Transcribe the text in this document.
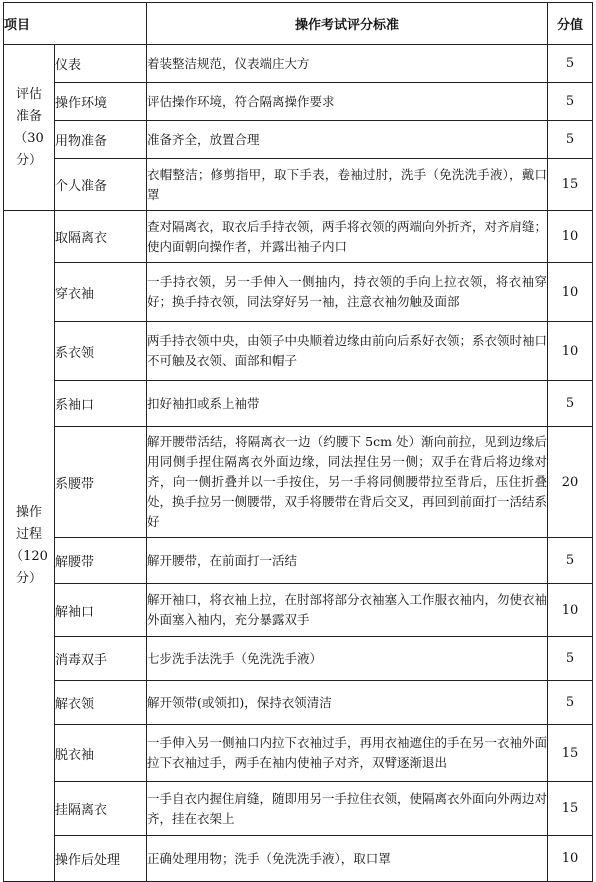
项目		操作考试评分标准	分值

评估
准备
（30
分）	仪表	着装整洁规范，仪表端庄大方	5
	操作环境	评估操作环境，符合隔离操作要求	5
	用物准备	准备齐全，放置合理	5
	个人准备	衣帽整洁；修剪指甲，取下手表，卷袖过肘，洗手（免洗洗手液），戴口罩	15

操作
过程
（120
分）	取隔离衣	查对隔离衣，取衣后手持衣领，两手将衣领的两端向外折齐，对齐肩缝；使内面朝向操作者，并露出袖子内口	10
	穿衣袖	一手持衣领，另一手伸入一侧抽内，持衣领的手向上拉衣领，将衣袖穿好；换手持衣领，同法穿好另一袖，注意衣袖勿触及面部	10
	系衣领	两手持衣领中央，由领子中央顺着边缘由前向后系好衣领；系衣领时袖口不可触及衣领、面部和帽子	10
	系袖口	扣好袖扣或系上袖带	5
	系腰带	解开腰带活结，将隔离衣一边（约腰下 5cm 处）渐向前拉，见到边缘后用同侧手捏住隔离衣外面边缘，同法捏住另一侧；双手在背后将边缘对齐，向一侧折叠并以一手按住，另一手将同侧腰带拉至背后，压住折叠处，换手拉另一侧腰带，双手将腰带在背后交叉，再回到前面打一活结系好	20
	解腰带	解开腰带，在前面打一活结	5
	解袖口	解开袖口，将衣袖上拉，在肘部将部分衣袖塞入工作服衣袖内，勿使衣袖外面塞入袖内，充分暴露双手	10
	消毒双手	七步洗手法洗手（免洗洗手液）	5
	解衣领	解开领带(或领扣)，保持衣领清洁	5
	脱衣袖	一手伸入另一侧袖口内拉下衣袖过手，再用衣袖遮住的手在另一衣袖外面拉下衣袖过手，两手在袖内使袖子对齐，双臂逐渐退出	15
	挂隔离衣	一手自衣内握住肩缝，随即用另一手拉住衣领，使隔离衣外面向外两边对齐，挂在衣架上	15
	操作后处理	正确处理用物；洗手（免洗洗手液），取口罩	10
